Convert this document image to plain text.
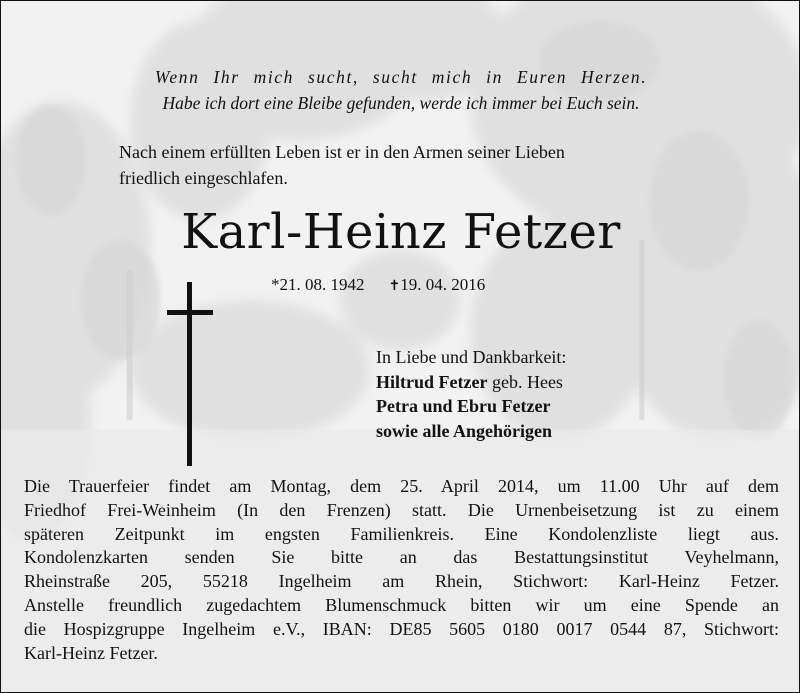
Wenn Ihr mich sucht, sucht mich in Euren Herzen.
Habe ich dort eine Bleibe gefunden, werde ich immer bei Euch sein.
Nach einem erfüllten Leben ist er in den Armen seiner Lieben
friedlich eingeschlafen.
Karl-Heinz Fetzer
*21. 08. 1942 ✝19. 04. 2016
In Liebe und Dankbarkeit:
Hiltrud Fetzer geb. Hees
Petra und Ebru Fetzer
sowie alle Angehörigen
Die Trauerfeier findet am Montag, dem 25. April 2014, um 11.00 Uhr auf dem
Friedhof Frei-Weinheim (In den Frenzen) statt. Die Urnenbeisetzung ist zu einem
späteren Zeitpunkt im engsten Familienkreis. Eine Kondolenzliste liegt aus.
Kondolenzkarten senden Sie bitte an das Bestattungsinstitut Veyhelmann,
Rheinstraße 205, 55218 Ingelheim am Rhein, Stichwort: Karl-Heinz Fetzer.
Anstelle freundlich zugedachtem Blumenschmuck bitten wir um eine Spende an
die Hospizgruppe Ingelheim e.V., IBAN: DE85 5605 0180 0017 0544 87, Stichwort:
Karl-Heinz Fetzer.
